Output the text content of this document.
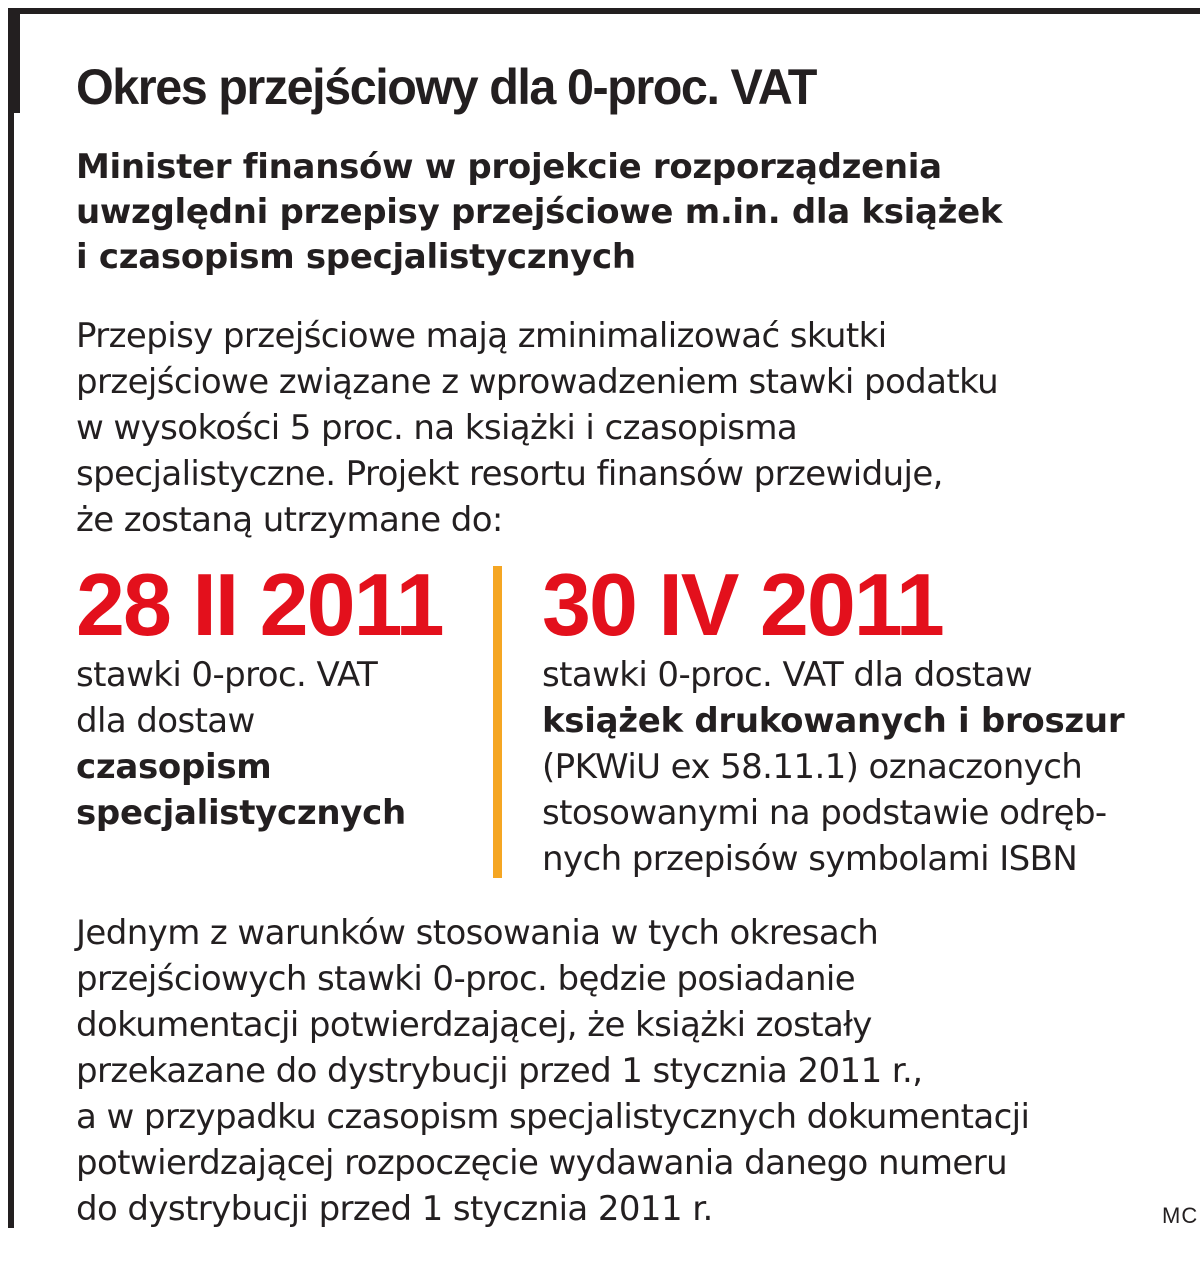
Okres przejściowy dla 0-proc. VAT
Minister finansów w projekcie rozporządzenia
uwzględni przepisy przejściowe m.in. dla książek
i czasopism specjalistycznych
Przepisy przejściowe mają zminimalizować skutki
przejściowe związane z wprowadzeniem stawki podatku
w wysokości 5 proc. na książki i czasopisma
specjalistyczne. Projekt resortu finansów przewiduje,
że zostaną utrzymane do:
28 II 2011
stawki 0-proc. VAT
dla dostaw
czasopism
specjalistycznych
30 IV 2011
stawki 0-proc. VAT dla dostaw
książek drukowanych i broszur
(PKWiU ex 58.11.1) oznaczonych
stosowanymi na podstawie odręb-
nych przepisów symbolami ISBN
Jednym z warunków stosowania w tych okresach
przejściowych stawki 0-proc. będzie posiadanie
dokumentacji potwierdzającej, że książki zostały
przekazane do dystrybucji przed 1 stycznia 2011 r.,
a w przypadku czasopism specjalistycznych dokumentacji
potwierdzającej rozpoczęcie wydawania danego numeru
do dystrybucji przed 1 stycznia 2011 r.	MC
